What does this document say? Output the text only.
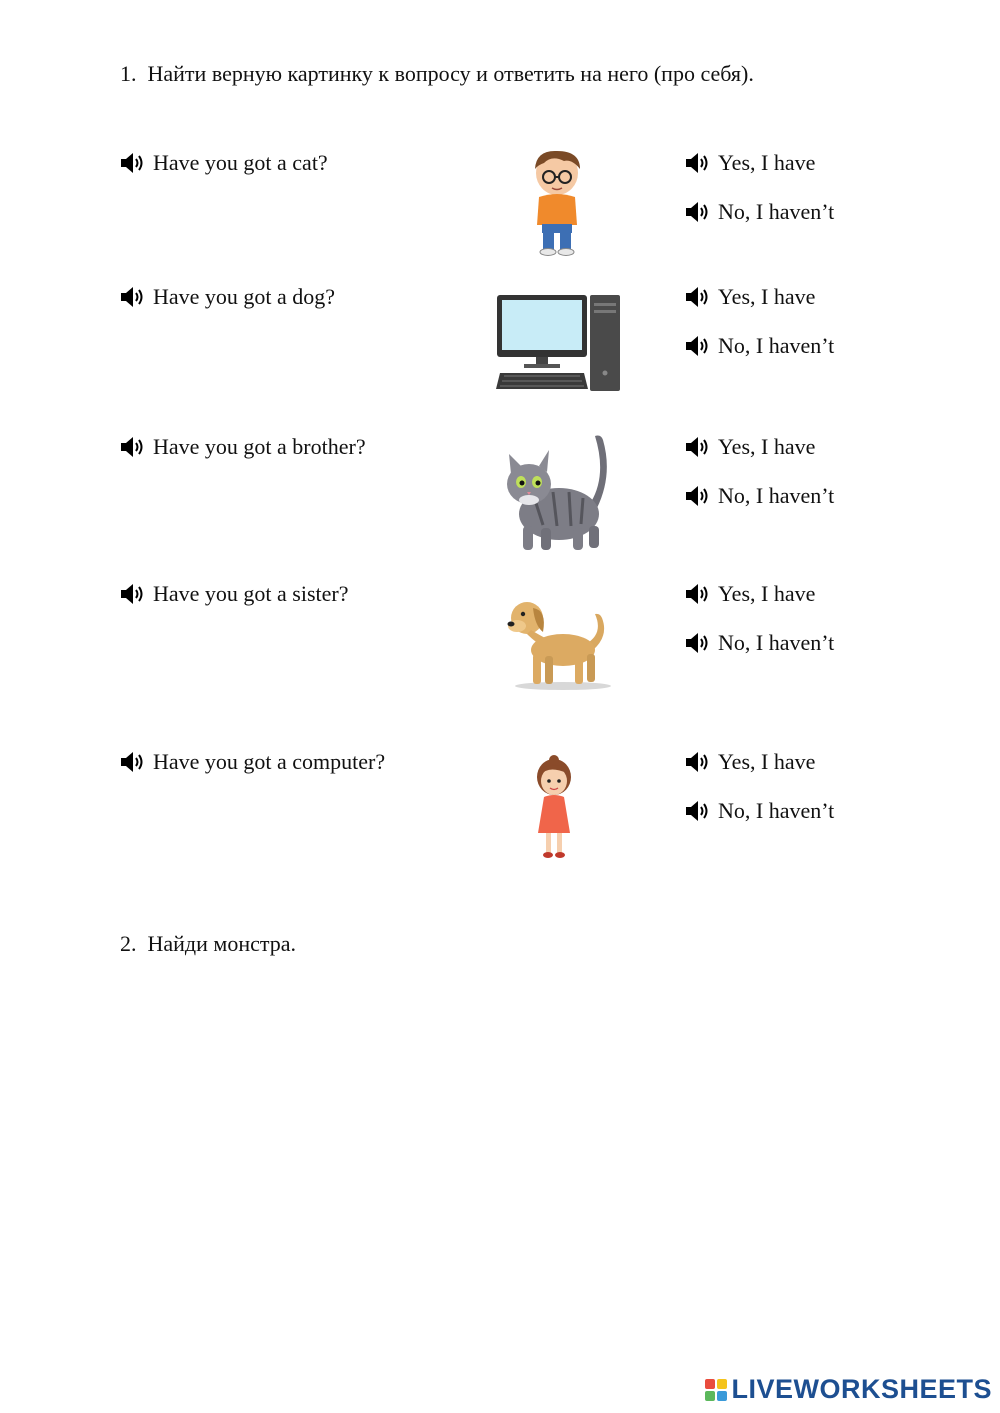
1. Найти верную картинку к вопросу и ответить на него (про себя).
Have you got a cat?	Yes, I have
No, I haven’t
Have you got a dog?	Yes, I have
No, I haven’t
Have you got a brother?	Yes, I have
No, I haven’t
Have you got a sister?	Yes, I have
No, I haven’t
Have you got a computer?	Yes, I have
No, I haven’t
2. Найди монстра.
LIVEWORKSHEETS
